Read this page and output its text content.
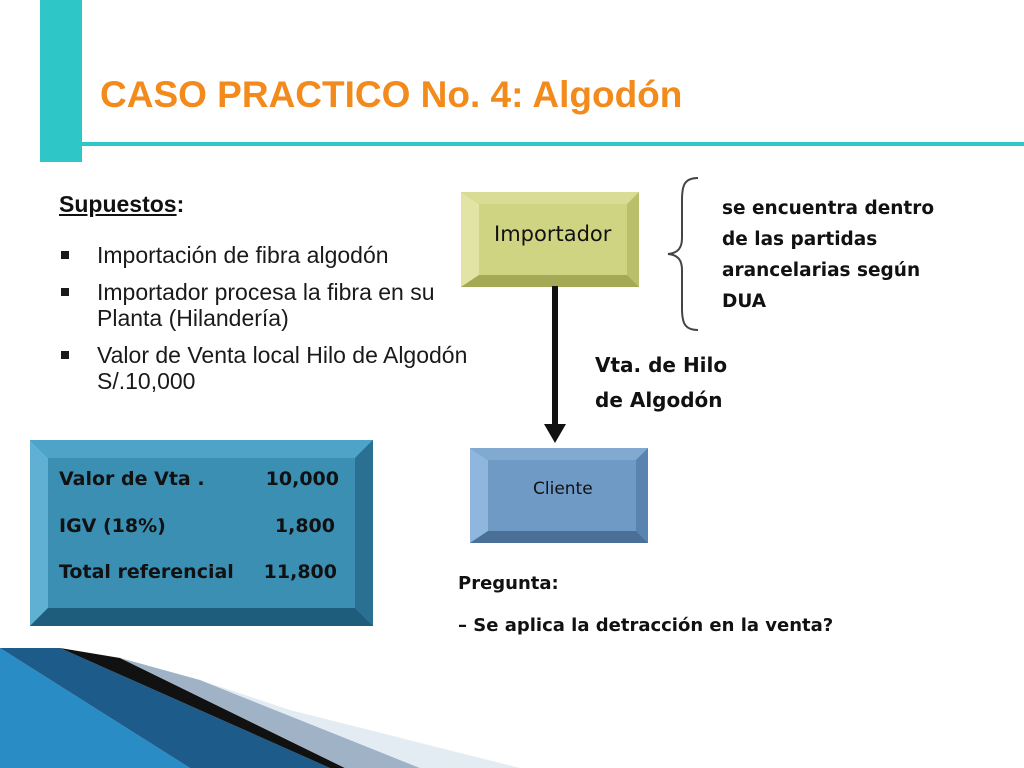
CASO PRACTICO No. 4: Algodón
Supuestos:
Importación de fibra algodón
Importador procesa la fibra en su Planta (Hilandería)
Valor de Venta local Hilo de Algodón S/.10,000
Valor de Vta .	10,000
IGV (18%)	1,800
Total referencial	11,800
Importador
se encuentra dentro
de las partidas
arancelarias según
DUA
Vta. de Hilo
de Algodón
Cliente
Pregunta:
– Se aplica la detracción en la venta?
